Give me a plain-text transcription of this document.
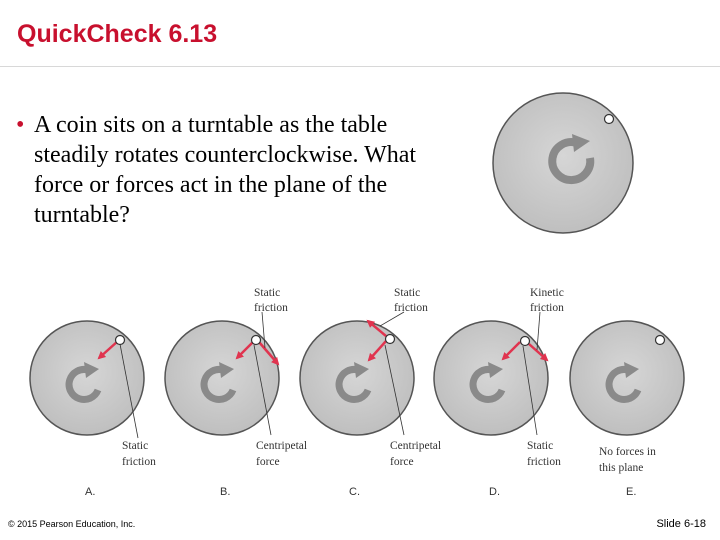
QuickCheck 6.13
• A coin sits on a turntable as the table steadily rotates counterclockwise. What force or forces act in the plane of the turntable?
Static
friction
A.
Static
friction
Centripetal
force
B.
Static
friction
Centripetal
force
C.
Kinetic
friction
Static
friction
D.
No forces in
this plane
E.
© 2015 Pearson Education, Inc.	Slide 6-18
